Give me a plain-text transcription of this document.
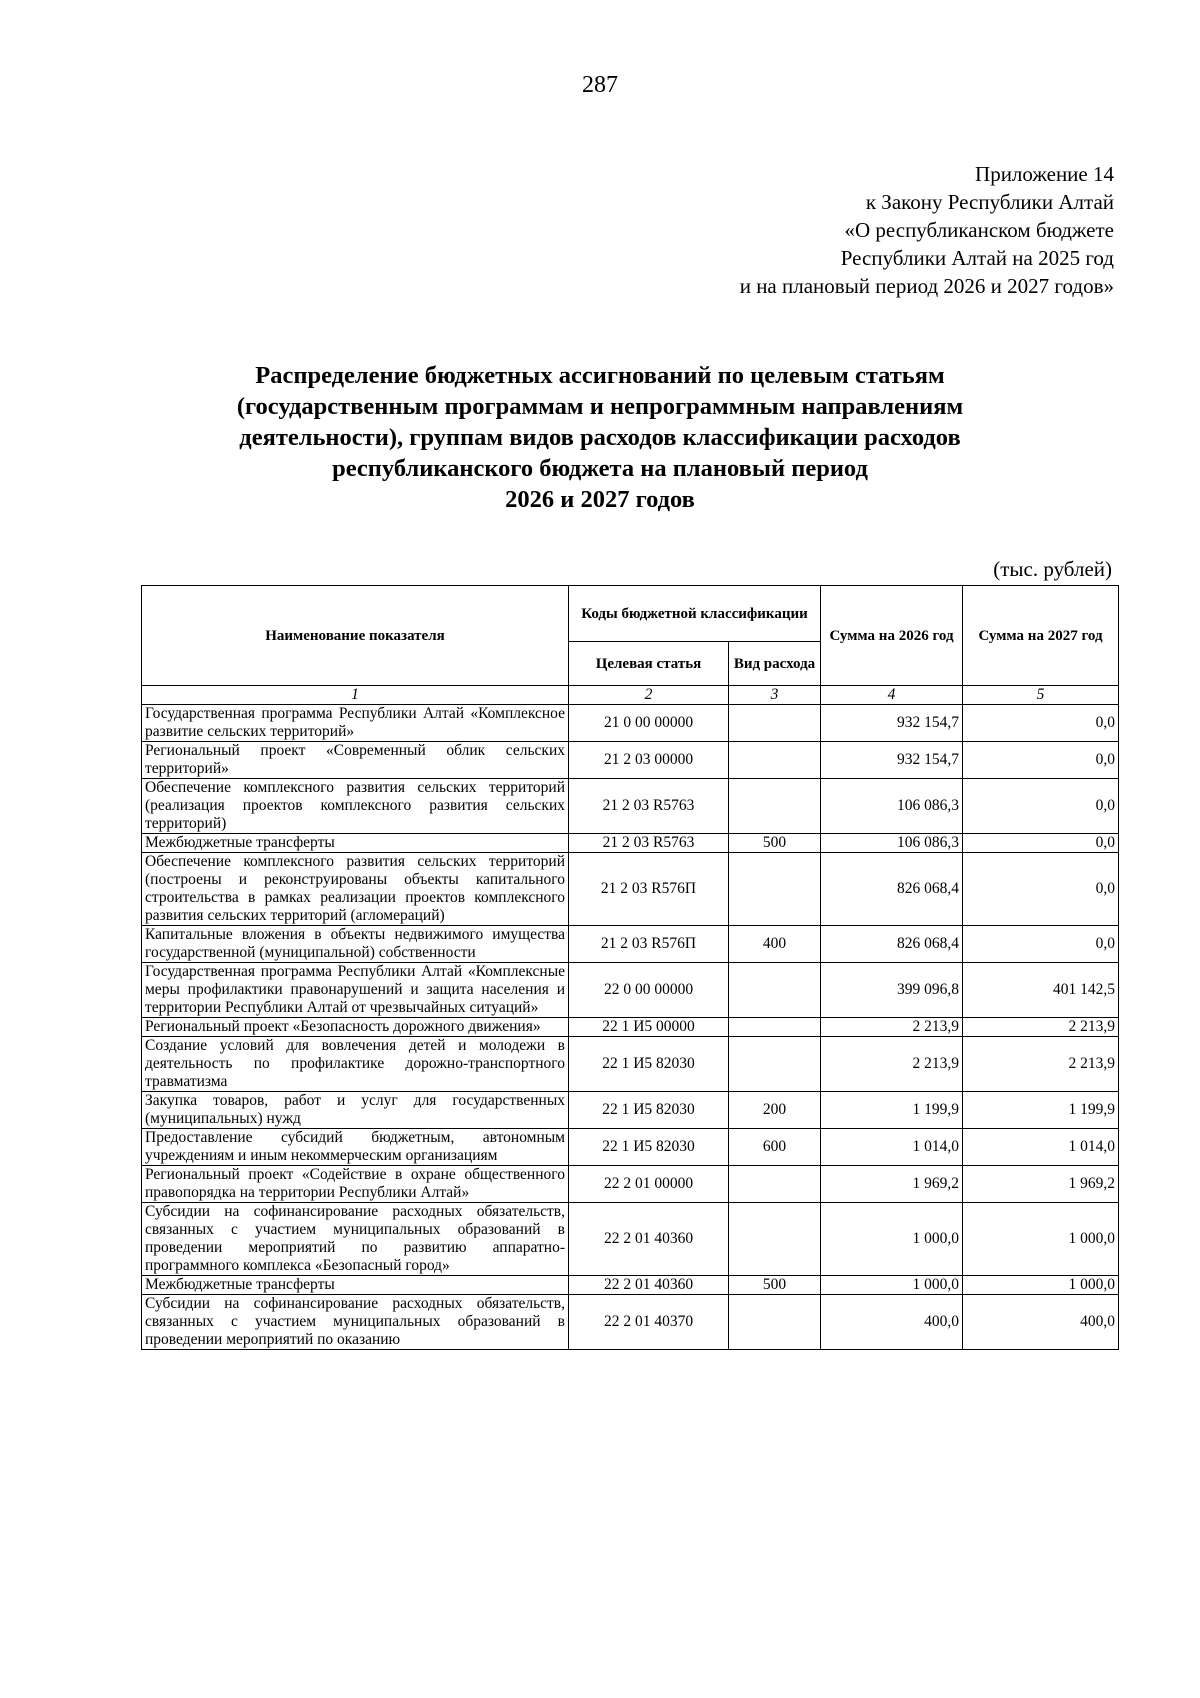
287
Приложение 14
к Закону Республики Алтай
«О республиканском бюджете
Республики Алтай на 2025 год
и на плановый период 2026 и 2027 годов»
Распределение бюджетных ассигнований по целевым статьям
(государственным программам и непрограммным направлениям
деятельности), группам видов расходов классификации расходов
республиканского бюджета на плановый период
2026 и 2027 годов
(тыс. рублей)
Наименование показателя	Коды бюджетной классификации		Сумма на 2026 год	Сумма на 2027 год
	Целевая статья	Вид расхода		
1	2	3	4	5
Государственная программа Республики Алтай «Комплексное развитие сельских территорий»	21 0 00 00000		932 154,7	0,0
Региональный проект «Современный облик сельских территорий»	21 2 03 00000		932 154,7	0,0
Обеспечение комплексного развития сельских территорий (реализация проектов комплексного развития сельских территорий)	21 2 03 R5763		106 086,3	0,0
Межбюджетные трансферты	21 2 03 R5763	500	106 086,3	0,0
Обеспечение комплексного развития сельских территорий (построены и реконструированы объекты капитального строительства в рамках реализации проектов комплексного развития сельских территорий (агломераций)	21 2 03 R576П		826 068,4	0,0
Капитальные вложения в объекты недвижимого имущества государственной (муниципальной) собственности	21 2 03 R576П	400	826 068,4	0,0
Государственная программа Республики Алтай «Комплексные меры профилактики правонарушений и защита населения и территории Республики Алтай от чрезвычайных ситуаций»	22 0 00 00000		399 096,8	401 142,5
Региональный проект «Безопасность дорожного движения»	22 1 И5 00000		2 213,9	2 213,9
Создание условий для вовлечения детей и молодежи в деятельность по профилактике дорожно-транспортного травматизма	22 1 И5 82030		2 213,9	2 213,9
Закупка товаров, работ и услуг для государственных (муниципальных) нужд	22 1 И5 82030	200	1 199,9	1 199,9
Предоставление субсидий бюджетным, автономным учреждениям и иным некоммерческим организациям	22 1 И5 82030	600	1 014,0	1 014,0
Региональный проект «Содействие в охране общественного правопорядка на территории Республики Алтай»	22 2 01 00000		1 969,2	1 969,2
Субсидии на софинансирование расходных обязательств, связанных с участием муниципальных образований в проведении мероприятий по развитию аппаратно-программного комплекса «Безопасный город»	22 2 01 40360		1 000,0	1 000,0
Межбюджетные трансферты	22 2 01 40360	500	1 000,0	1 000,0
Субсидии на софинансирование расходных обязательств, связанных с участием муниципальных образований в проведении мероприятий по оказанию	22 2 01 40370		400,0	400,0
